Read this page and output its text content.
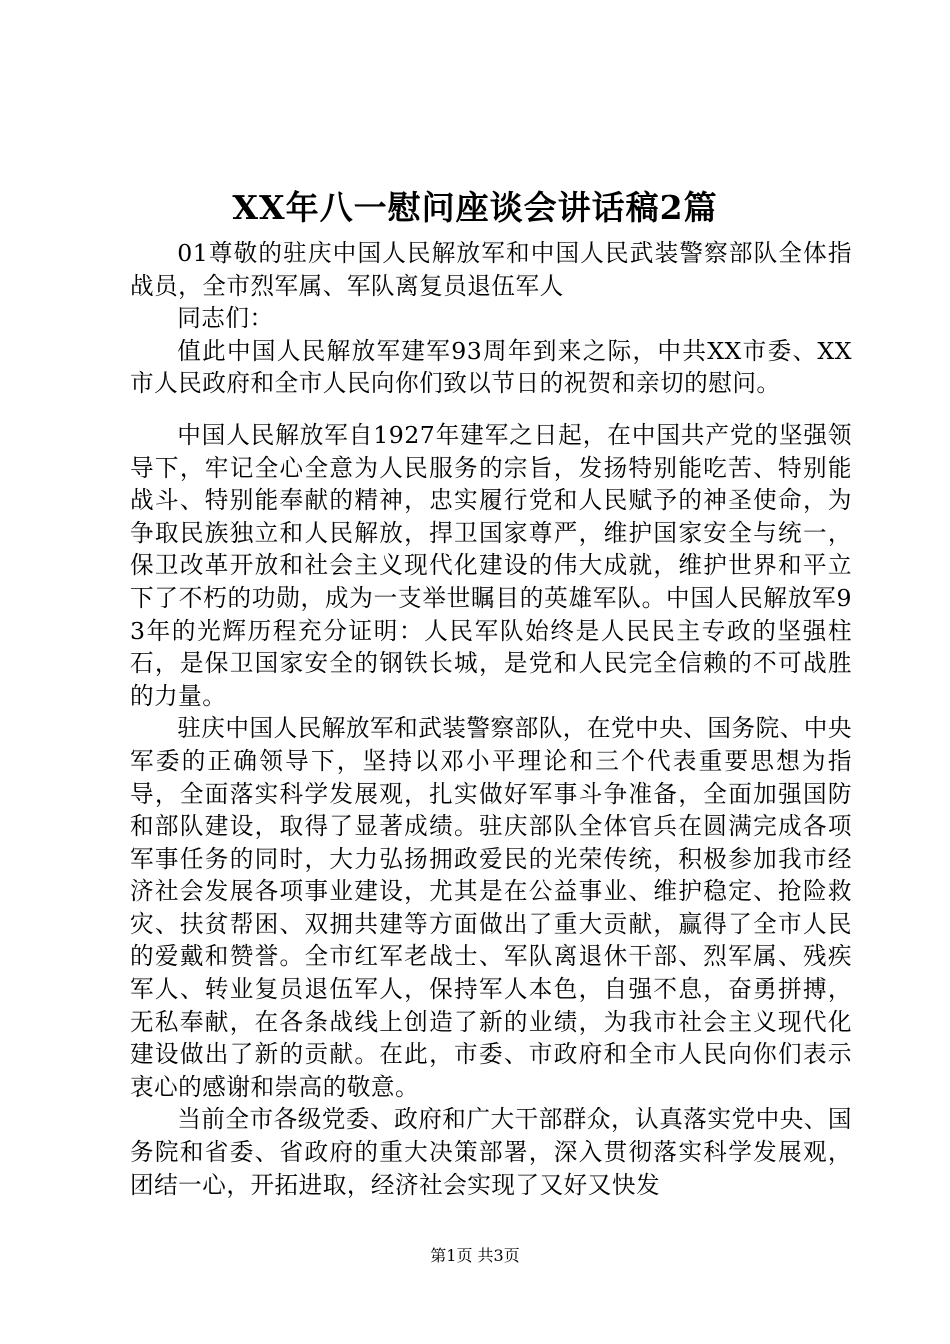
XX年八一慰问座谈会讲话稿2篇

01尊敬的驻庆中国人民解放军和中国人民武装警察部队全体指战员，全市烈军属、军队离复员退伍军人

同志们：

值此中国人民解放军建军93周年到来之际，中共XX市委、XX市人民政府和全市人民向你们致以节日的祝贺和亲切的慰问。

中国人民解放军自1927年建军之日起，在中国共产党的坚强领导下，牢记全心全意为人民服务的宗旨，发扬特别能吃苦、特别能战斗、特别能奉献的精神，忠实履行党和人民赋予的神圣使命，为争取民族独立和人民解放，捍卫国家尊严，维护国家安全与统一，保卫改革开放和社会主义现代化建设的伟大成就，维护世界和平立下了不朽的功勋，成为一支举世瞩目的英雄军队。中国人民解放军93年的光辉历程充分证明：人民军队始终是人民民主专政的坚强柱石，是保卫国家安全的钢铁长城，是党和人民完全信赖的不可战胜的力量。

驻庆中国人民解放军和武装警察部队，在党中央、国务院、中央军委的正确领导下，坚持以邓小平理论和三个代表重要思想为指导，全面落实科学发展观，扎实做好军事斗争准备，全面加强国防和部队建设，取得了显著成绩。驻庆部队全体官兵在圆满完成各项军事任务的同时，大力弘扬拥政爱民的光荣传统，积极参加我市经济社会发展各项事业建设，尤其是在公益事业、维护稳定、抢险救灾、扶贫帮困、双拥共建等方面做出了重大贡献，赢得了全市人民的爱戴和赞誉。全市红军老战士、军队离退休干部、烈军属、残疾军人、转业复员退伍军人，保持军人本色，自强不息，奋勇拼搏，无私奉献，在各条战线上创造了新的业绩，为我市社会主义现代化建设做出了新的贡献。在此，市委、市政府和全市人民向你们表示衷心的感谢和崇高的敬意。

当前全市各级党委、政府和广大干部群众，认真落实党中央、国务院和省委、省政府的重大决策部署，深入贯彻落实科学发展观，团结一心，开拓进取，经济社会实现了又好又快发

第1页 共3页
